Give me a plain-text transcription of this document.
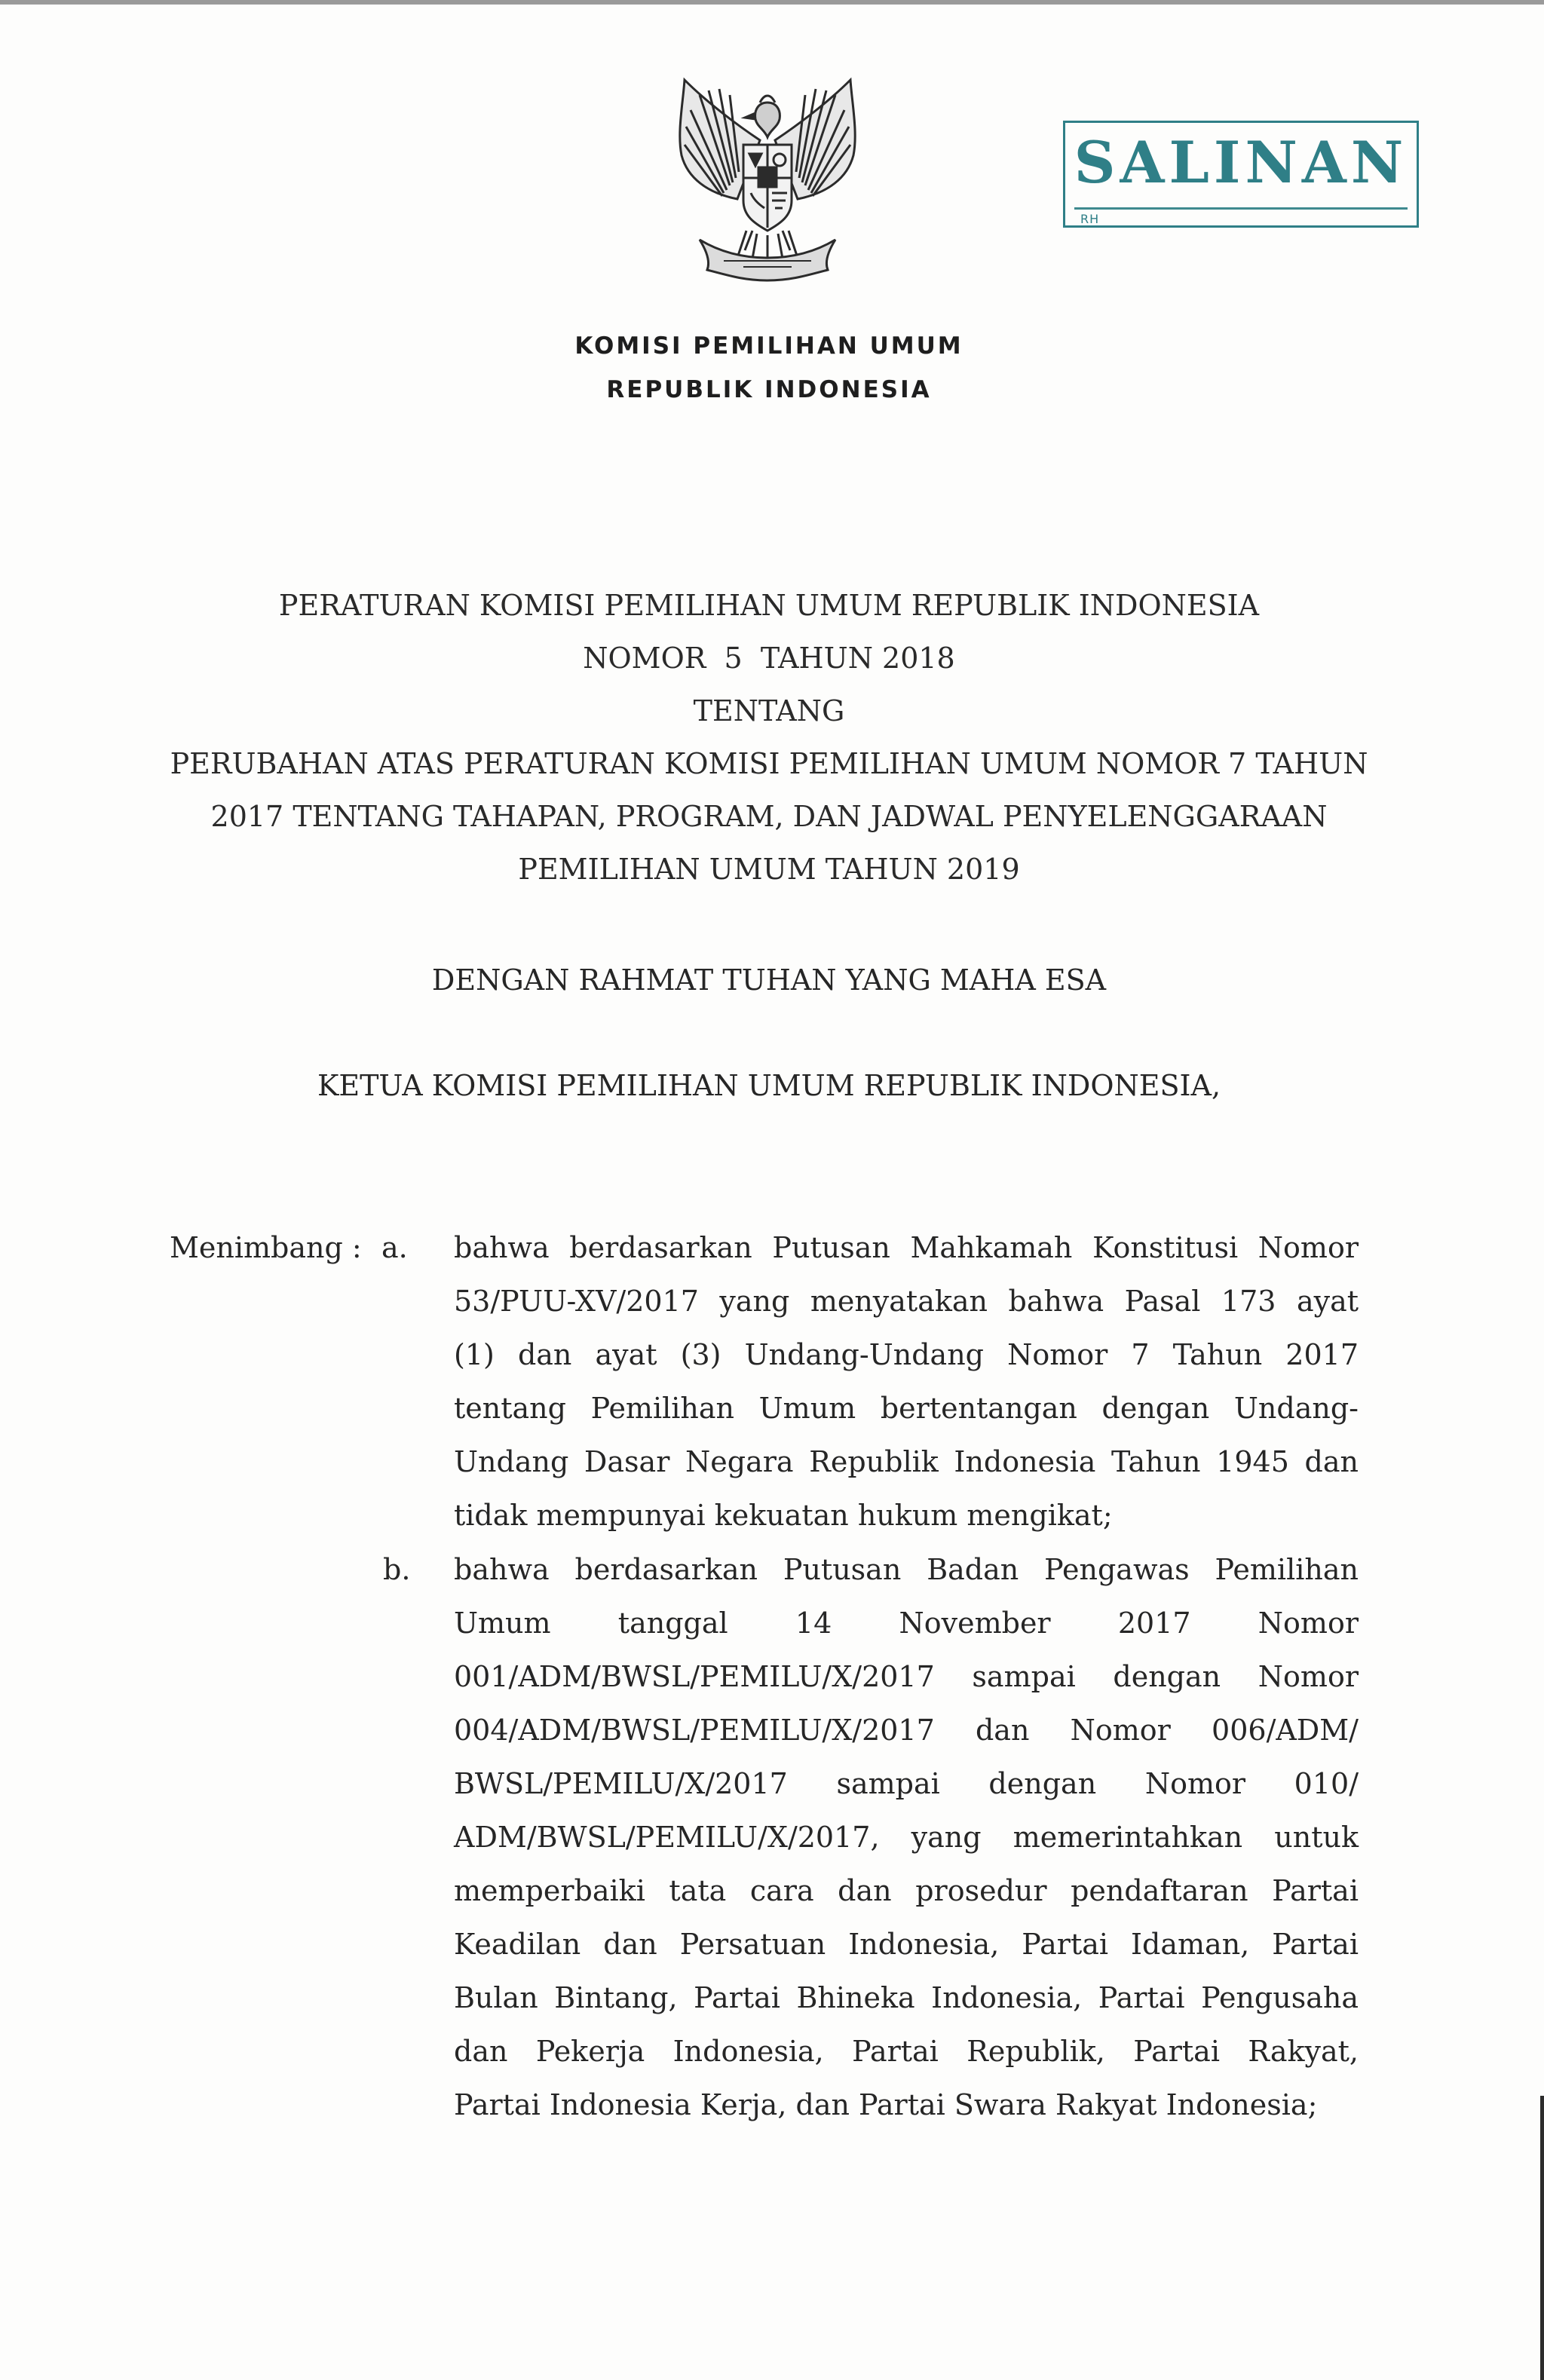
KOMISI PEMILIHAN UMUM
REPUBLIK INDONESIA
SALINAN
RH
PERATURAN KOMISI PEMILIHAN UMUM REPUBLIK INDONESIA
NOMOR  5  TAHUN 2018
TENTANG
PERUBAHAN ATAS PERATURAN KOMISI PEMILIHAN UMUM NOMOR 7 TAHUN
2017 TENTANG TAHAPAN, PROGRAM, DAN JADWAL PENYELENGGARAAN
PEMILIHAN UMUM TAHUN 2019
DENGAN RAHMAT TUHAN YANG MAHA ESA
KETUA KOMISI PEMILIHAN UMUM REPUBLIK INDONESIA,
Menimbang : a. bahwa berdasarkan Putusan Mahkamah Konstitusi Nomor
53/PUU-XV/2017 yang menyatakan bahwa Pasal 173 ayat
(1) dan ayat (3) Undang-Undang Nomor 7 Tahun 2017
tentang Pemilihan Umum bertentangan dengan Undang-
Undang Dasar Negara Republik Indonesia Tahun 1945 dan
tidak mempunyai kekuatan hukum mengikat;
b. bahwa berdasarkan Putusan Badan Pengawas Pemilihan
Umum tanggal 14 November 2017 Nomor
001/ADM/BWSL/PEMILU/X/2017 sampai dengan Nomor
004/ADM/BWSL/PEMILU/X/2017 dan Nomor 006/ADM/
BWSL/PEMILU/X/2017 sampai dengan Nomor 010/
ADM/BWSL/PEMILU/X/2017, yang memerintahkan untuk
memperbaiki tata cara dan prosedur pendaftaran Partai
Keadilan dan Persatuan Indonesia, Partai Idaman, Partai
Bulan Bintang, Partai Bhineka Indonesia, Partai Pengusaha
dan Pekerja Indonesia, Partai Republik, Partai Rakyat,
Partai Indonesia Kerja, dan Partai Swara Rakyat Indonesia;
